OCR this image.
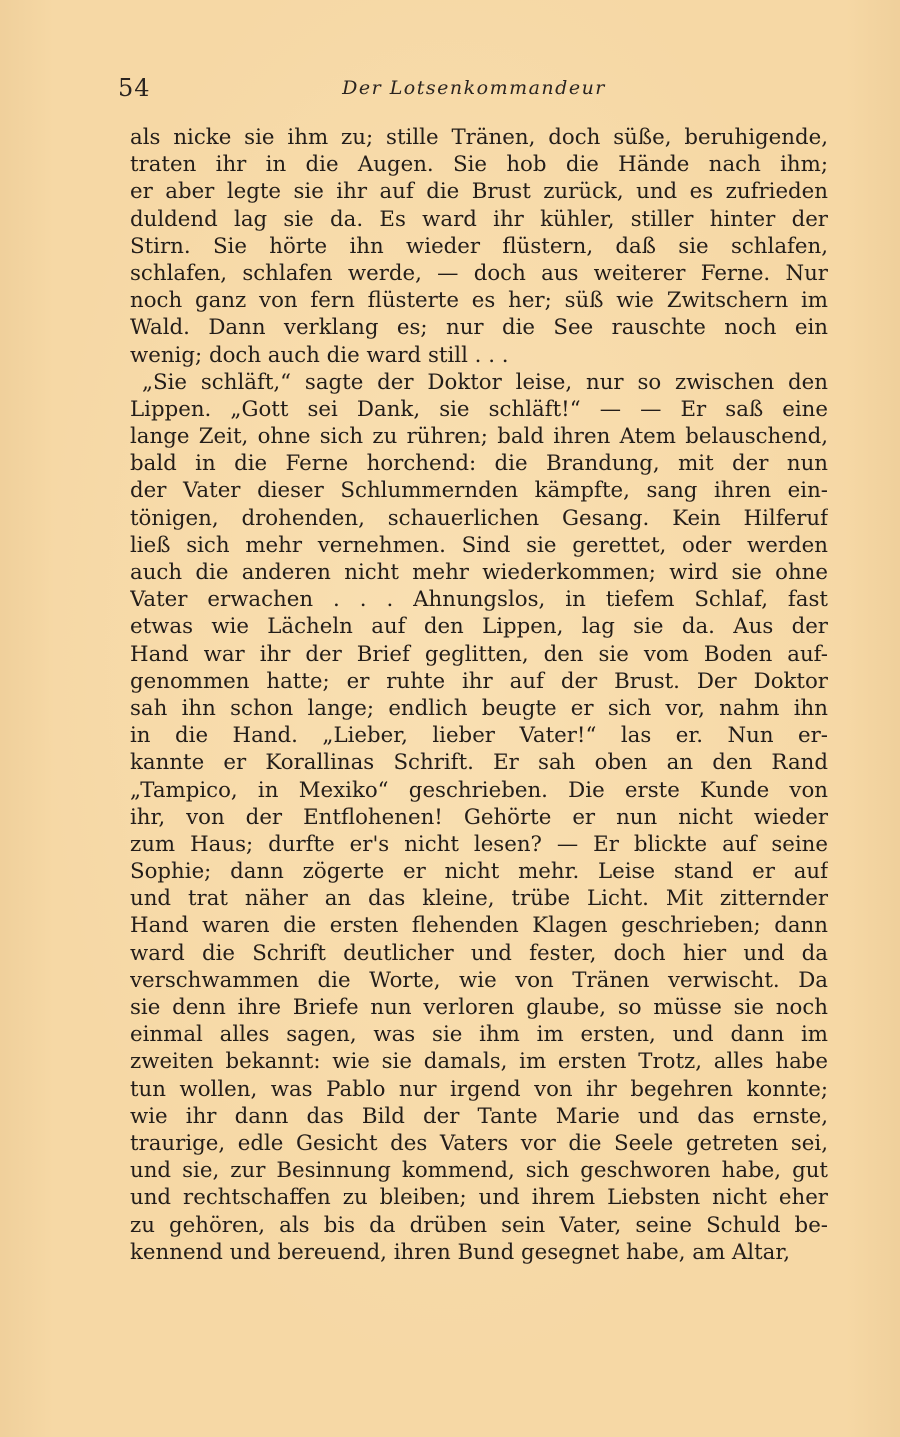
54	Der Lotsenkommandeur
als nicke sie ihm zu; stille Tränen, doch süße, beruhigende,
traten ihr in die Augen. Sie hob die Hände nach ihm;
er aber legte sie ihr auf die Brust zurück, und es zufrieden
duldend lag sie da. Es ward ihr kühler, stiller hinter der
Stirn. Sie hörte ihn wieder flüstern, daß sie schlafen,
schlafen, schlafen werde, — doch aus weiterer Ferne. Nur
noch ganz von fern flüsterte es her; süß wie Zwitschern im
Wald. Dann verklang es; nur die See rauschte noch ein
wenig; doch auch die ward still . . .
„Sie schläft,“ sagte der Doktor leise, nur so zwischen den
Lippen. „Gott sei Dank, sie schläft!“ — — Er saß eine
lange Zeit, ohne sich zu rühren; bald ihren Atem belauschend,
bald in die Ferne horchend: die Brandung, mit der nun
der Vater dieser Schlummernden kämpfte, sang ihren ein-
tönigen, drohenden, schauerlichen Gesang. Kein Hilferuf
ließ sich mehr vernehmen. Sind sie gerettet, oder werden
auch die anderen nicht mehr wiederkommen; wird sie ohne
Vater erwachen . . . Ahnungslos, in tiefem Schlaf, fast
etwas wie Lächeln auf den Lippen, lag sie da. Aus der
Hand war ihr der Brief geglitten, den sie vom Boden auf-
genommen hatte; er ruhte ihr auf der Brust. Der Doktor
sah ihn schon lange; endlich beugte er sich vor, nahm ihn
in die Hand. „Lieber, lieber Vater!“ las er. Nun er-
kannte er Korallinas Schrift. Er sah oben an den Rand
„Tampico, in Mexiko“ geschrieben. Die erste Kunde von
ihr, von der Entflohenen! Gehörte er nun nicht wieder
zum Haus; durfte er's nicht lesen? — Er blickte auf seine
Sophie; dann zögerte er nicht mehr. Leise stand er auf
und trat näher an das kleine, trübe Licht. Mit zitternder
Hand waren die ersten flehenden Klagen geschrieben; dann
ward die Schrift deutlicher und fester, doch hier und da
verschwammen die Worte, wie von Tränen verwischt. Da
sie denn ihre Briefe nun verloren glaube, so müsse sie noch
einmal alles sagen, was sie ihm im ersten, und dann im
zweiten bekannt: wie sie damals, im ersten Trotz, alles habe
tun wollen, was Pablo nur irgend von ihr begehren konnte;
wie ihr dann das Bild der Tante Marie und das ernste,
traurige, edle Gesicht des Vaters vor die Seele getreten sei,
und sie, zur Besinnung kommend, sich geschworen habe, gut
und rechtschaffen zu bleiben; und ihrem Liebsten nicht eher
zu gehören, als bis da drüben sein Vater, seine Schuld be-
kennend und bereuend, ihren Bund gesegnet habe, am Altar,
